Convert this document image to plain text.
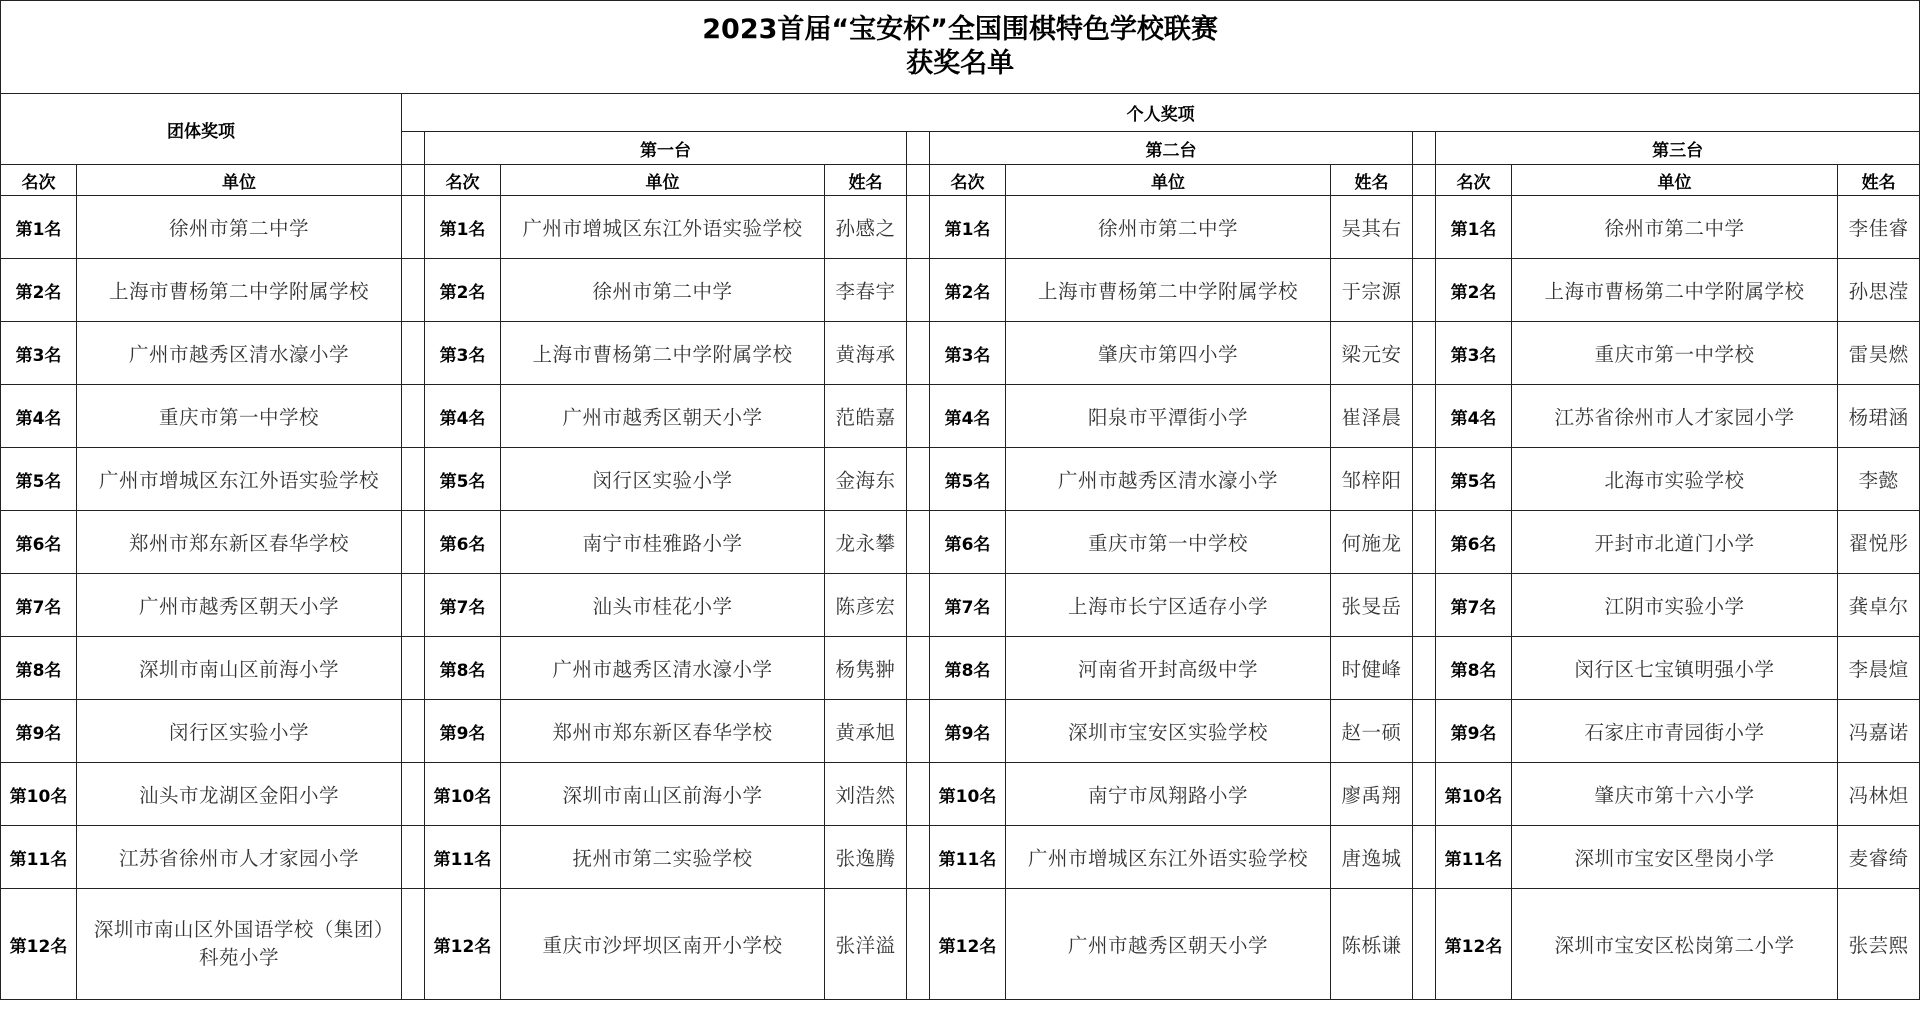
2023首届“宝安杯”全国围棋特色学校联赛
获奖名单													

团体奖项		个人奖项											
			第一台				第二台				第三台		
名次	单位		名次	单位	姓名		名次	单位	姓名		名次	单位	姓名
第1名	徐州市第二中学		第1名	广州市增城区东江外语实验学校	孙感之		第1名	徐州市第二中学	吴其右		第1名	徐州市第二中学	李佳睿
第2名	上海市曹杨第二中学附属学校		第2名	徐州市第二中学	李春宇		第2名	上海市曹杨第二中学附属学校	于宗源		第2名	上海市曹杨第二中学附属学校	孙思滢
第3名	广州市越秀区清水濠小学		第3名	上海市曹杨第二中学附属学校	黄海承		第3名	肇庆市第四小学	梁元安		第3名	重庆市第一中学校	雷昊燃
第4名	重庆市第一中学校		第4名	广州市越秀区朝天小学	范皓嘉		第4名	阳泉市平潭街小学	崔泽晨		第4名	江苏省徐州市人才家园小学	杨珺涵
第5名	广州市增城区东江外语实验学校		第5名	闵行区实验小学	金海东		第5名	广州市越秀区清水濠小学	邹梓阳		第5名	北海市实验学校	李懿
第6名	郑州市郑东新区春华学校		第6名	南宁市桂雅路小学	龙永攀		第6名	重庆市第一中学校	何施龙		第6名	开封市北道门小学	翟悦彤
第7名	广州市越秀区朝天小学		第7名	汕头市桂花小学	陈彦宏		第7名	上海市长宁区适存小学	张旻岳		第7名	江阴市实验小学	龚卓尔
第8名	深圳市南山区前海小学		第8名	广州市越秀区清水濠小学	杨隽翀		第8名	河南省开封高级中学	时健峰		第8名	闵行区七宝镇明强小学	李晨煊
第9名	闵行区实验小学		第9名	郑州市郑东新区春华学校	黄承旭		第9名	深圳市宝安区实验学校	赵一硕		第9名	石家庄市青园街小学	冯嘉诺
第10名	汕头市龙湖区金阳小学		第10名	深圳市南山区前海小学	刘浩然		第10名	南宁市凤翔路小学	廖禹翔		第10名	肇庆市第十六小学	冯林炟
第11名	江苏省徐州市人才家园小学		第11名	抚州市第二实验学校	张逸腾		第11名	广州市增城区东江外语实验学校	唐逸城		第11名	深圳市宝安区壆岗小学	麦睿绮
第12名	深圳市南山区外国语学校（集团）科苑小学		第12名	重庆市沙坪坝区南开小学校	张洋溢		第12名	广州市越秀区朝天小学	陈栎谦		第12名	深圳市宝安区松岗第二小学	张芸熙
